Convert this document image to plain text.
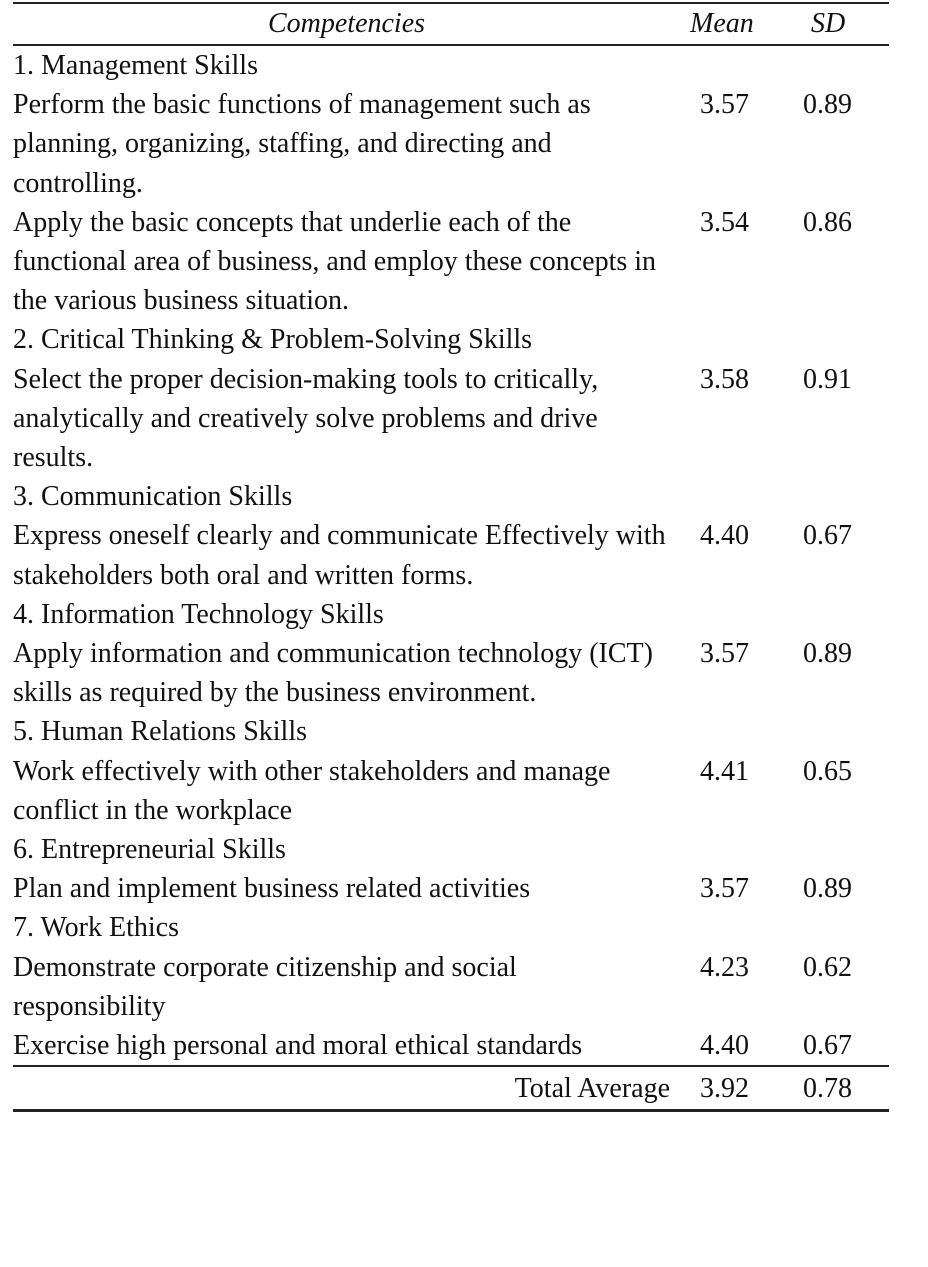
Competencies	Mean	SD
1. Management Skills		
Perform the basic functions of management such as planning, organizing, staffing, and directing and controlling.	3.57	0.89
Apply the basic concepts that underlie each of the functional area of business, and employ these concepts in the various business situation.	3.54	0.86
2. Critical Thinking & Problem-Solving Skills		
Select the proper decision-making tools to critically, analytically and creatively solve problems and drive results.	3.58	0.91
3. Communication Skills		
Express oneself clearly and communicate Effectively with stakeholders both oral and written forms.	4.40	0.67
4. Information Technology Skills		
Apply information and communication technology (ICT) skills as required by the business environment.	3.57	0.89
5. Human Relations Skills		
Work effectively with other stakeholders and manage conflict in the workplace	4.41	0.65
6. Entrepreneurial Skills		
Plan and implement business related activities	3.57	0.89
7. Work Ethics		
Demonstrate corporate citizenship and social responsibility	4.23	0.62
Exercise high personal and moral ethical standards	4.40	0.67
Total Average	3.92	0.78
